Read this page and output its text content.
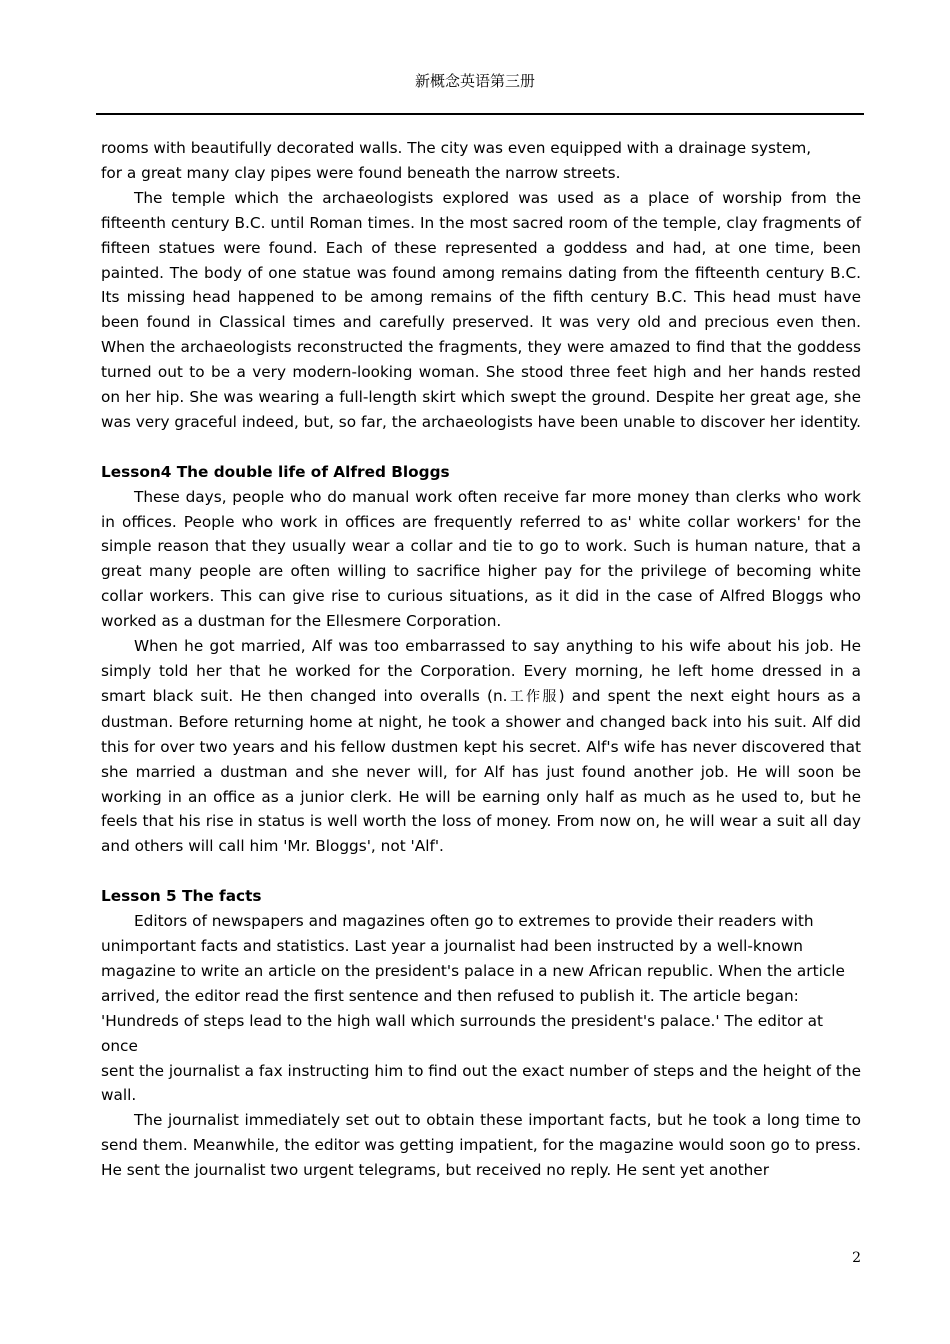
新概念英语第三册

rooms with beautifully decorated walls. The city was even equipped with a drainage system,

for a great many clay pipes were found beneath the narrow streets.

The temple which the archaeologists explored was used as a place of worship from the fifteenth century B.C. until Roman times. In the most sacred room of the temple, clay fragments of fifteen statues were found. Each of these represented a goddess and had, at one time, been painted. The body of one statue was found among remains dating from the fifteenth century B.C. Its missing head happened to be among remains of the fifth century B.C. This head must have been found in Classical times and carefully preserved. It was very old and precious even then. When the archaeologists reconstructed the fragments, they were amazed to find that the goddess turned out to be a very modern-looking woman. She stood three feet high and her hands rested on her hip. She was wearing a full-length skirt which swept the ground. Despite her great age, she was very graceful indeed, but, so far, the archaeologists have been unable to discover her identity.

Lesson4 The double life of Alfred Bloggs

These days, people who do manual work often receive far more money than clerks who work in offices. People who work in offices are frequently referred to as' white collar workers' for the simple reason that they usually wear a collar and tie to go to work. Such is human nature, that a great many people are often willing to sacrifice higher pay for the privilege of becoming white collar workers. This can give rise to curious situations, as it did in the case of Alfred Bloggs who worked as a dustman for the Ellesmere Corporation.

When he got married, Alf was too embarrassed to say anything to his wife about his job. He simply told her that he worked for the Corporation. Every morning, he left home dressed in a smart black suit. He then changed into overalls (n.工作服) and spent the next eight hours as a dustman. Before returning home at night, he took a shower and changed back into his suit. Alf did this for over two years and his fellow dustmen kept his secret. Alf's wife has never discovered that she married a dustman and she never will, for Alf has just found another job. He will soon be working in an office as a junior clerk. He will be earning only half as much as he used to, but he feels that his rise in status is well worth the loss of money. From now on, he will wear a suit all day and others will call him 'Mr. Bloggs', not 'Alf'.

Lesson 5 The facts

Editors of newspapers and magazines often go to extremes to provide their readers with unimportant facts and statistics. Last year a journalist had been instructed by a well-known magazine to write an article on the president's palace in a new African republic. When the article arrived, the editor read the first sentence and then refused to publish it. The article began: 'Hundreds of steps lead to the high wall which surrounds the president's palace.' The editor at once

sent the journalist a fax instructing him to find out the exact number of steps and the height of the wall.

The journalist immediately set out to obtain these important facts, but he took a long time to send them. Meanwhile, the editor was getting impatient, for the magazine would soon go to press. He sent the journalist two urgent telegrams, but received no reply. He sent yet another

2
